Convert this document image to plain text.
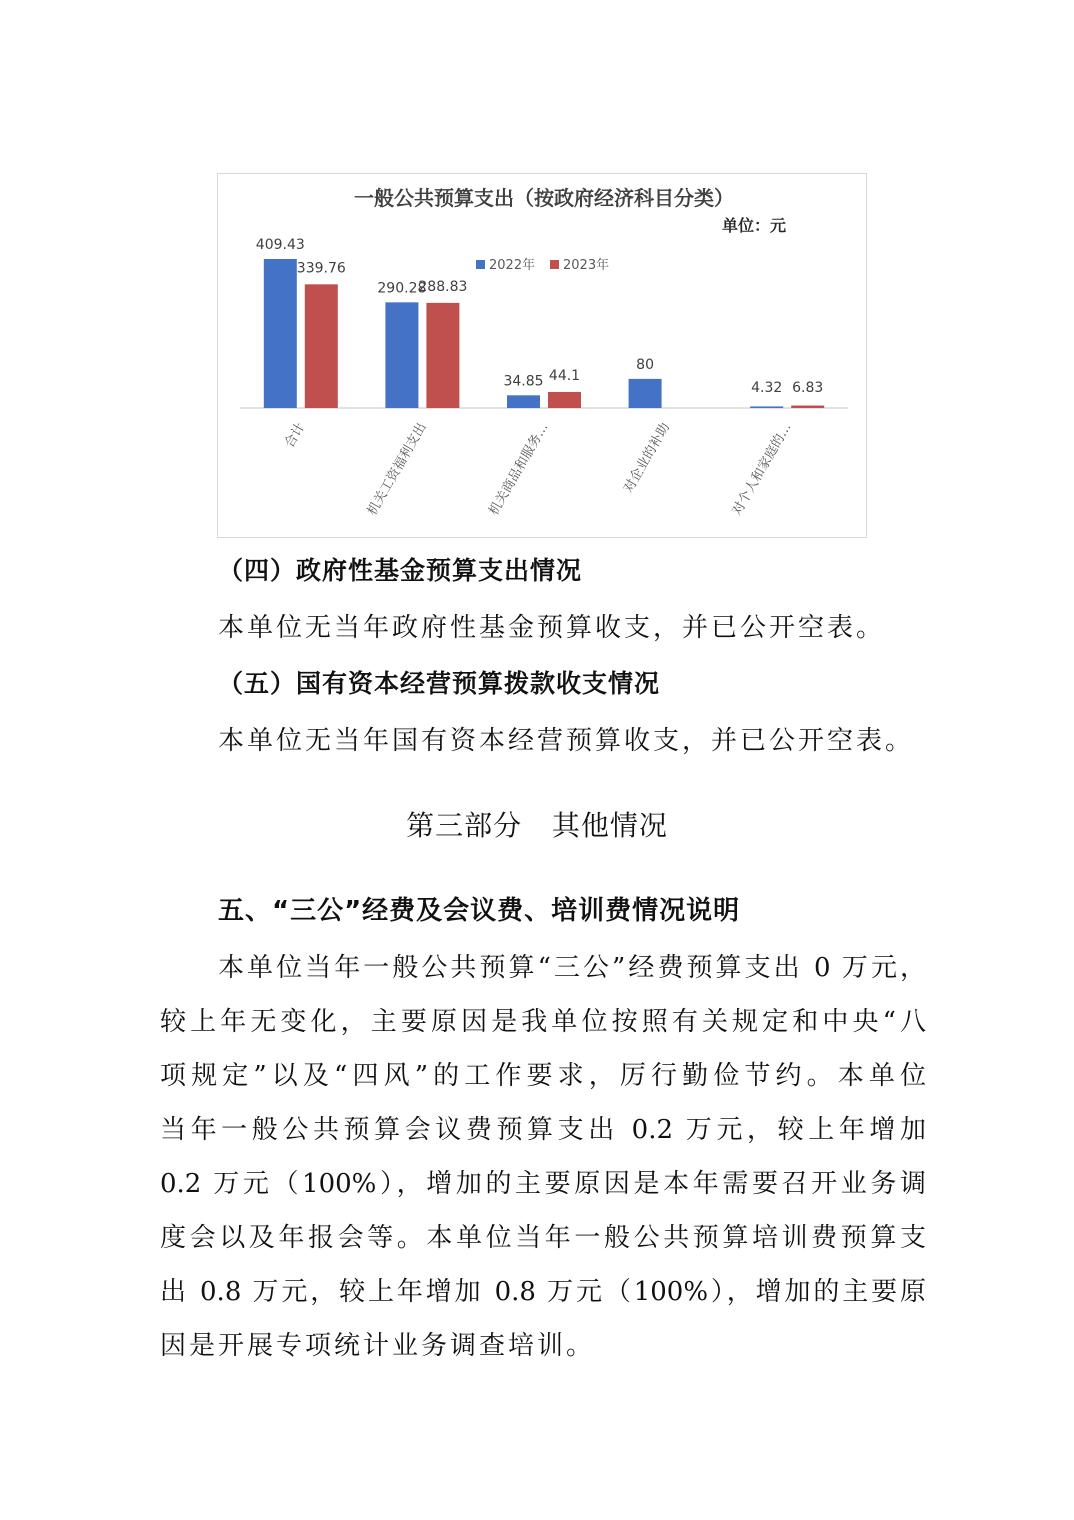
一般公共预算支出（按政府经济科目分类）
单位：元
2022年 2023年
409.43
339.76
290.28
288.83
34.85 44.1
80
4.32 6.83
合计	机关工资福利支出	机关商品和服务…	对企业的补助	对个人和家庭的…
（四）政府性基金预算支出情况
本单位无当年政府性基金预算收支，并已公开空表。
（五）国有资本经营预算拨款收支情况
本单位无当年国有资本经营预算收支，并已公开空表。
第三部分   其他情况
五、“三公”经费及会议费、培训费情况说明
本单位当年一般公共预算“三公”经费预算支出 0 万元，
较上年无变化，主要原因是我单位按照有关规定和中央“八
项规定”以及“四风”的工作要求，厉行勤俭节约。本单位
当年一般公共预算会议费预算支出 0.2 万元，较上年增加
0.2 万元（100%），增加的主要原因是本年需要召开业务调
度会以及年报会等。本单位当年一般公共预算培训费预算支
出 0.8 万元，较上年增加 0.8 万元（100%），增加的主要原
因是开展专项统计业务调查培训。
